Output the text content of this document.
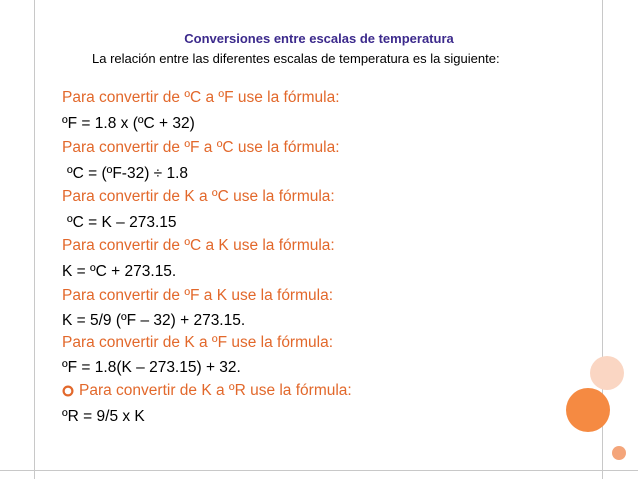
Conversiones entre escalas de temperatura
La relación entre las diferentes escalas de temperatura es la siguiente:
Para convertir de ºC a ºF use la fórmula:
ºF = 1.8 x (ºC + 32)
Para convertir de ºF a ºC use la fórmula:
ºC = (ºF-32) ÷ 1.8
Para convertir de K a ºC use la fórmula:
ºC = K – 273.15
Para convertir de ºC a K use la fórmula:
K = ºC + 273.15.
Para convertir de ºF a K use la fórmula:
K = 5/9 (ºF – 32) + 273.15.
Para convertir de K a ºF use la fórmula:
ºF = 1.8(K – 273.15) + 32.
Para convertir de K a ºR use la fórmula:
ºR = 9/5 x K
